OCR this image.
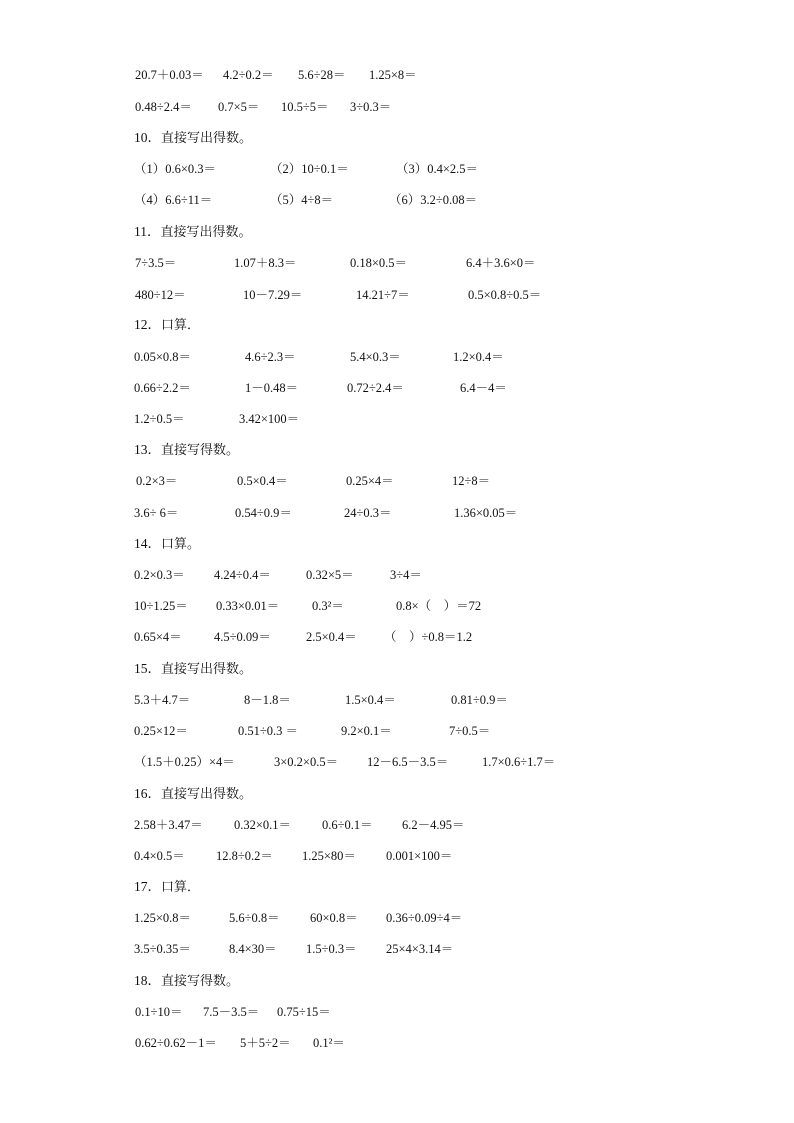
20.7＋0.03＝ 4.2÷0.2＝ 5.6÷28＝ 1.25×8＝
0.48÷2.4＝ 0.7×5＝ 10.5÷5＝ 3÷0.3＝
10．直接写出得数。
（1）0.6×0.3＝	（2）10÷0.1＝	（3）0.4×2.5＝
（4）6.6÷11＝	（5）4÷8＝	（6）3.2÷0.08＝
11．直接写出得数。
7÷3.5＝	1.07＋8.3＝	0.18×0.5＝	6.4＋3.6×0＝
480÷12＝	10－7.29＝	14.21÷7＝	0.5×0.8÷0.5＝
12．口算．
0.05×0.8＝	4.6÷2.3＝	5.4×0.3＝	1.2×0.4＝
0.66÷2.2＝	1－0.48＝	0.72÷2.4＝	6.4－4＝
1.2÷0.5＝	3.42×100＝
13．直接写得数。
0.2×3＝	0.5×0.4＝	0.25×4＝	12÷8＝
3.6÷ 6＝	0.54÷0.9＝	24÷0.3＝	1.36×0.05＝
14．口算。
0.2×0.3＝ 4.24÷0.4＝	0.32×5＝	3÷4＝
10÷1.25＝ 0.33×0.01＝	0.3²＝	0.8×（　）＝72
0.65×4＝	4.5÷0.09＝	2.5×0.4＝ （　）÷0.8＝1.2
15．直接写出得数。
5.3＋4.7＝	8－1.8＝	1.5×0.4＝	0.81÷0.9＝
0.25×12＝	0.51÷0.3 ＝	9.2×0.1＝	7÷0.5＝
（1.5＋0.25）×4＝	3×0.2×0.5＝ 12－6.5－3.5＝	1.7×0.6÷1.7＝
16．直接写出得数。
2.58＋3.47＝ 0.32×0.1＝ 0.6÷0.1＝ 6.2－4.95＝
0.4×0.5＝ 12.8÷0.2＝ 1.25×80＝ 0.001×100＝
17．口算．
1.25×0.8＝	5.6÷0.8＝ 60×0.8＝ 0.36÷0.09÷4＝
3.5÷0.35＝	8.4×30＝ 1.5÷0.3＝ 25×4×3.14＝
18．直接写得数。
0.1÷10＝ 7.5－3.5＝ 0.75÷15＝
0.62÷0.62－1＝ 5＋5÷2＝ 0.1²＝
